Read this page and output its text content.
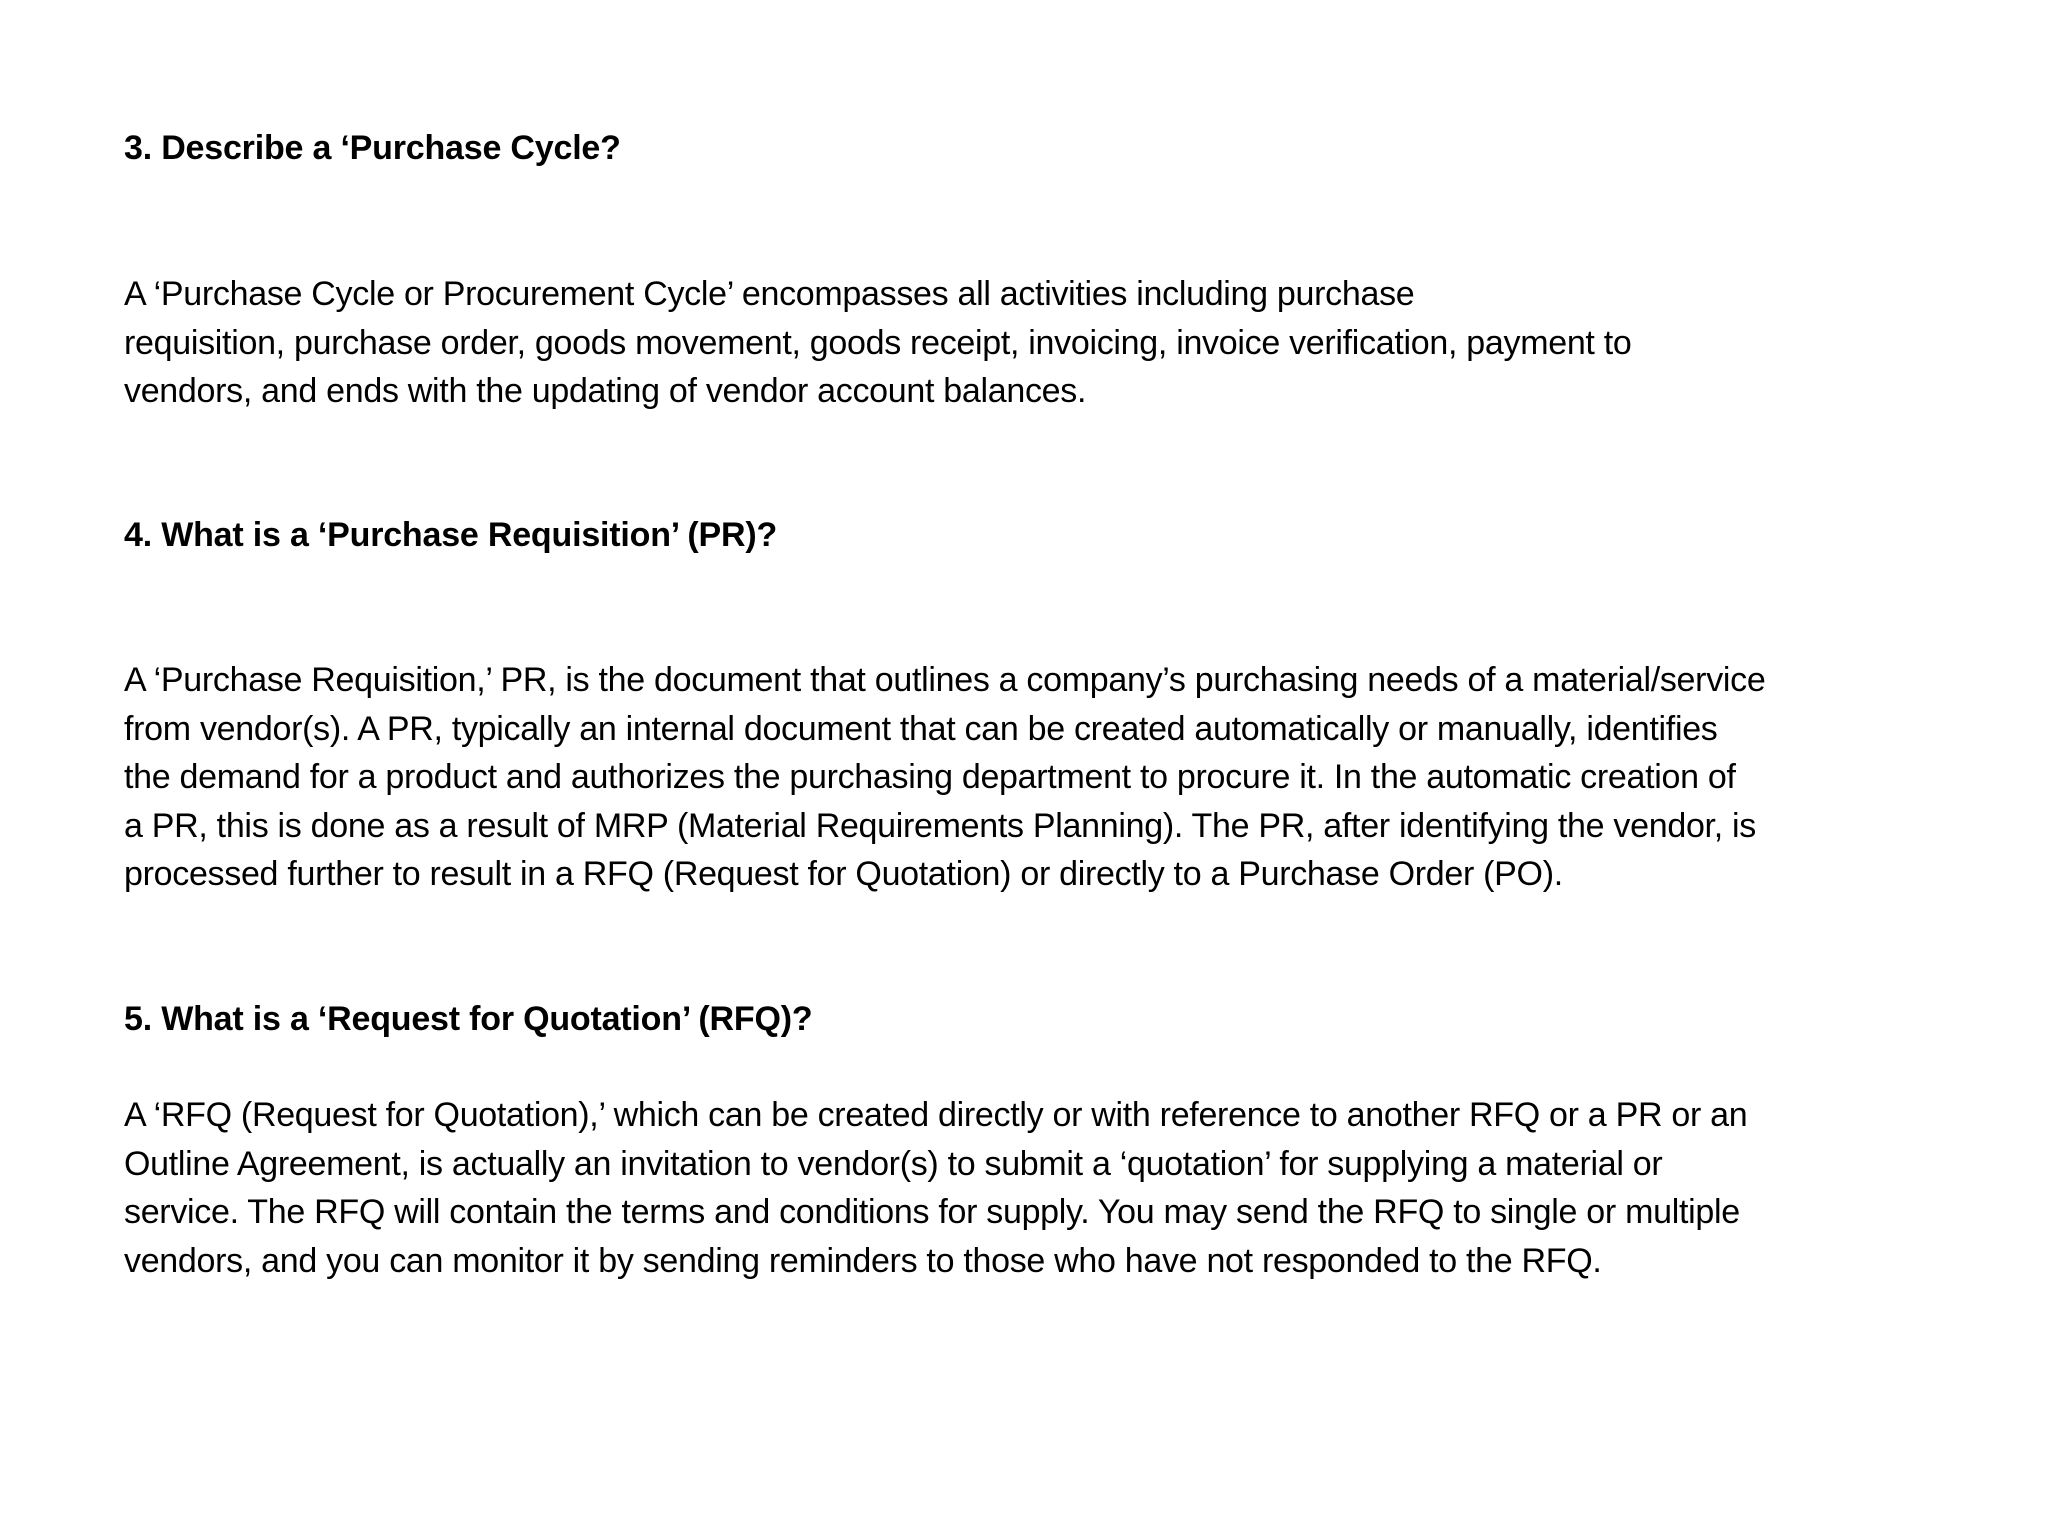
3. Describe a ‘Purchase Cycle?

A ‘Purchase Cycle or Procurement Cycle’ encompasses all activities including purchase
requisition, purchase order, goods movement, goods receipt, invoicing, invoice verification, payment to
vendors, and ends with the updating of vendor account balances.

4. What is a ‘Purchase Requisition’ (PR)?

A ‘Purchase Requisition,’ PR, is the document that outlines a company’s purchasing needs of a material/service
from vendor(s). A PR, typically an internal document that can be created automatically or manually, identifies
the demand for a product and authorizes the purchasing department to procure it. In the automatic creation of
a PR, this is done as a result of MRP (Material Requirements Planning). The PR, after identifying the vendor, is
processed further to result in a RFQ (Request for Quotation) or directly to a Purchase Order (PO).

5. What is a ‘Request for Quotation’ (RFQ)?

A ‘RFQ (Request for Quotation),’ which can be created directly or with reference to another RFQ or a PR or an
Outline Agreement, is actually an invitation to vendor(s) to submit a ‘quotation’ for supplying a material or
service. The RFQ will contain the terms and conditions for supply. You may send the RFQ to single or multiple
vendors, and you can monitor it by sending reminders to those who have not responded to the RFQ.
